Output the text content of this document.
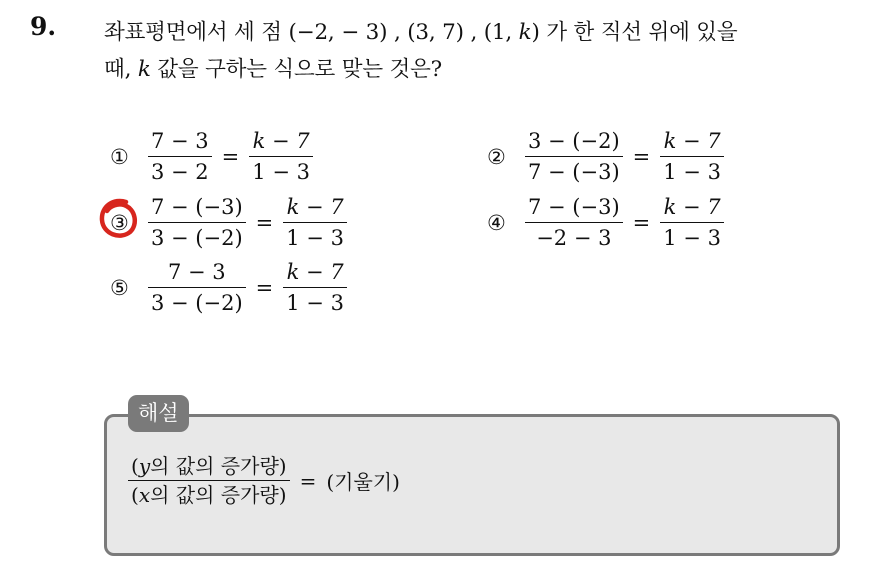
9. 좌표평면에서 세 점 (−2, − 3) , (3, 7) , (1, k) 가 한 직선 위에 있을
때, k 값을 구하는 식으로 맞는 것은?
① $\frac{7 - 3}{3 - 2} = \frac{k - 7}{1 - 3}$	② $\frac{3 - (-2)}{7 - (-3)} = \frac{k - 7}{1 - 3}$
③ $\frac{7 - (-3)}{3 - (-2)} = \frac{k - 7}{1 - 3}$	④ $\frac{7 - (-3)}{-2 - 3} = \frac{k - 7}{1 - 3}$
⑤ $\frac{7 - 3}{3 - (-2)} = \frac{k - 7}{1 - 3}$
해설
$\frac{\text{(y의 값의 증가량)}}{\text{(x의 값의 증가량)}}$ = (기울기)
